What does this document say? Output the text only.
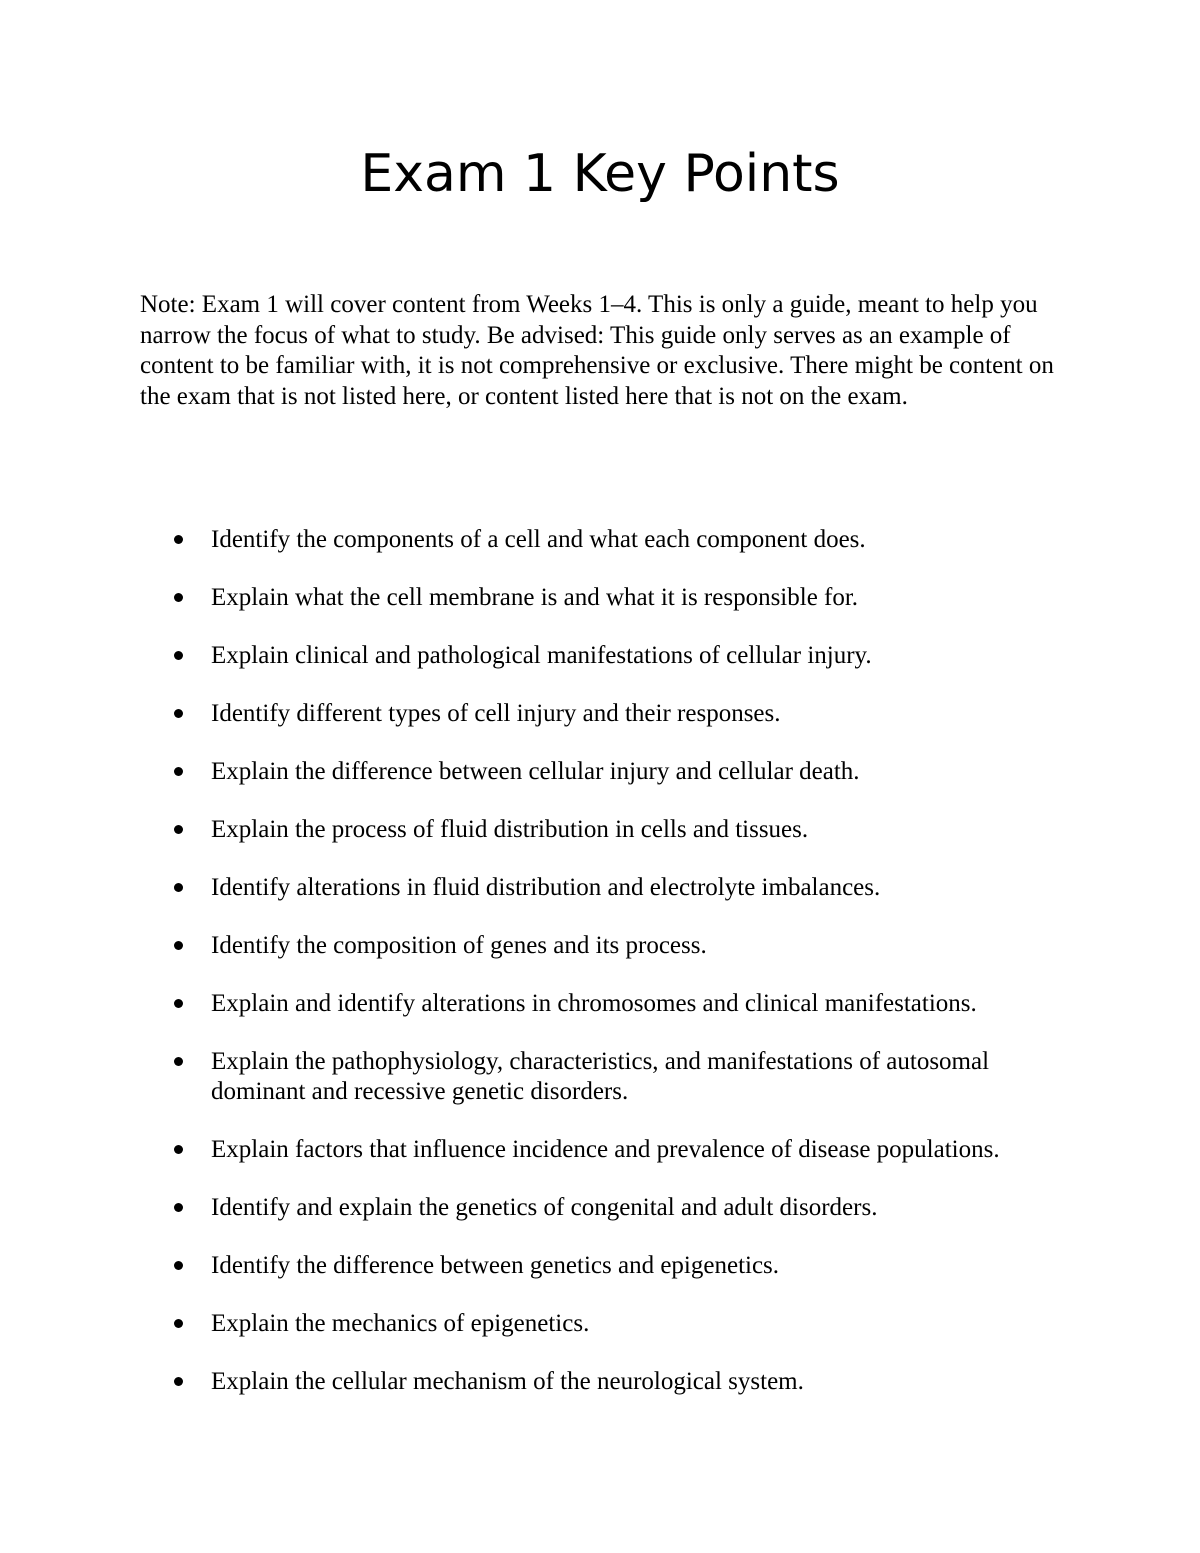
Exam 1 Key Points

Note: Exam 1 will cover content from Weeks 1–4. This is only a guide, meant to help you narrow the focus of what to study. Be advised: This guide only serves as an example of content to be familiar with, it is not comprehensive or exclusive. There might be content on the exam that is not listed here, or content listed here that is not on the exam.

Identify the components of a cell and what each component does.
Explain what the cell membrane is and what it is responsible for.
Explain clinical and pathological manifestations of cellular injury.
Identify different types of cell injury and their responses.
Explain the difference between cellular injury and cellular death.
Explain the process of fluid distribution in cells and tissues.
Identify alterations in fluid distribution and electrolyte imbalances.
Identify the composition of genes and its process.
Explain and identify alterations in chromosomes and clinical manifestations.
Explain the pathophysiology, characteristics, and manifestations of autosomal dominant and recessive genetic disorders.
Explain factors that influence incidence and prevalence of disease populations.
Identify and explain the genetics of congenital and adult disorders.
Identify the difference between genetics and epigenetics.
Explain the mechanics of epigenetics.
Explain the cellular mechanism of the neurological system.
